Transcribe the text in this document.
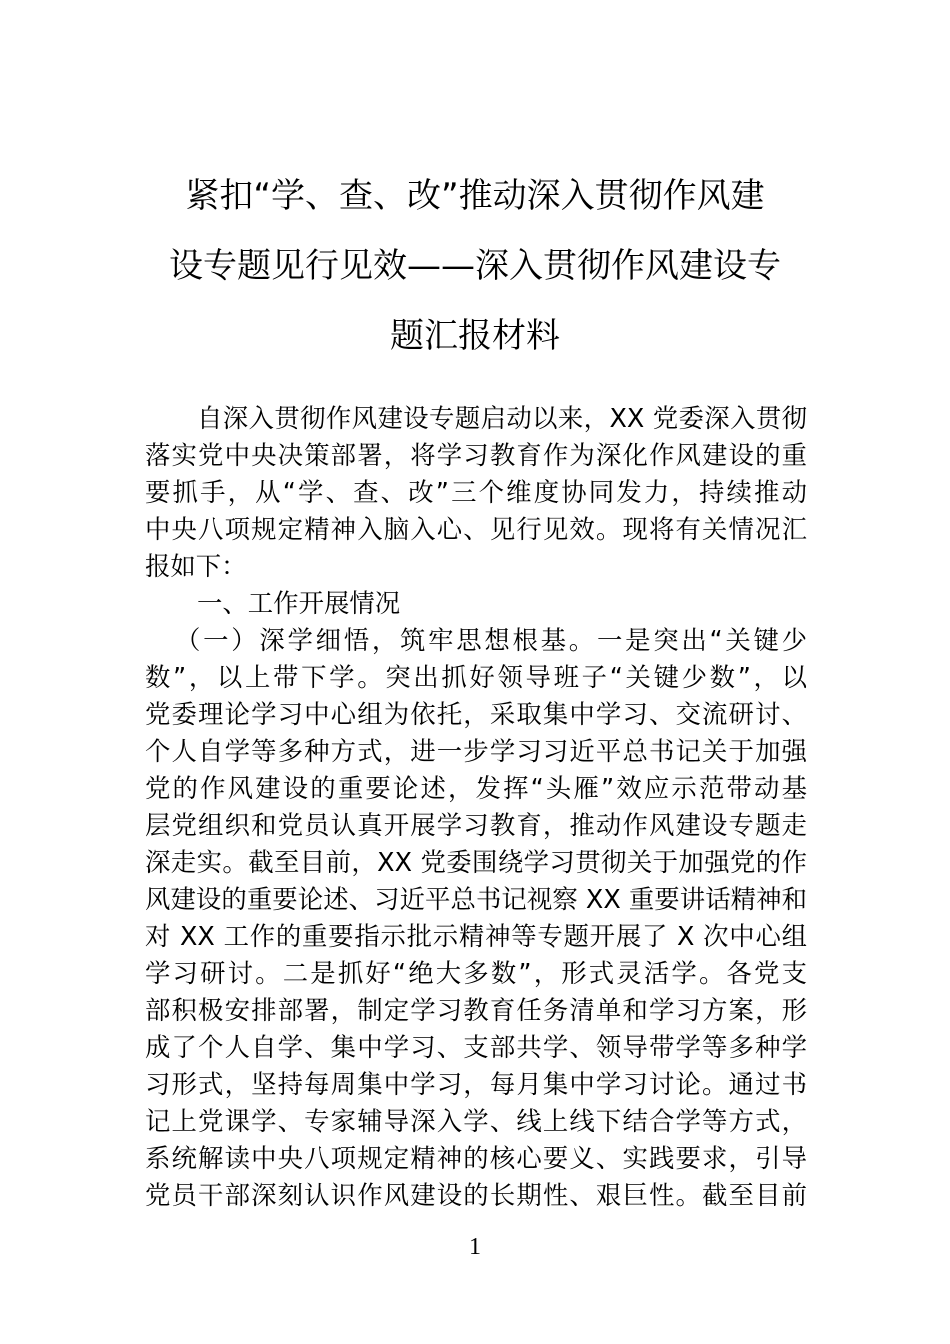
紧扣“学、查、改”推动深入贯彻作风建
设专题见行见效——深入贯彻作风建设专
题汇报材料
自深入贯彻作风建设专题启动以来，XX 党委深入贯彻
落实党中央决策部署，将学习教育作为深化作风建设的重
要抓手，从“学、查、改”三个维度协同发力，持续推动
中央八项规定精神入脑入心、见行见效。现将有关情况汇
报如下：
一、工作开展情况
（一）深学细悟，筑牢思想根基。一是突出“关键少
数”，以上带下学。突出抓好领导班子“关键少数”，以
党委理论学习中心组为依托，采取集中学习、交流研讨、
个人自学等多种方式，进一步学习习近平总书记关于加强
党的作风建设的重要论述，发挥“头雁”效应示范带动基
层党组织和党员认真开展学习教育，推动作风建设专题走
深走实。截至目前，XX 党委围绕学习贯彻关于加强党的作
风建设的重要论述、习近平总书记视察 XX 重要讲话精神和
对 XX 工作的重要指示批示精神等专题开展了 X 次中心组
学习研讨。二是抓好“绝大多数”，形式灵活学。各党支
部积极安排部署，制定学习教育任务清单和学习方案，形
成了个人自学、集中学习、支部共学、领导带学等多种学
习形式，坚持每周集中学习，每月集中学习讨论。通过书
记上党课学、专家辅导深入学、线上线下结合学等方式，
系统解读中央八项规定精神的核心要义、实践要求，引导
党员干部深刻认识作风建设的长期性、艰巨性。截至目前
1
